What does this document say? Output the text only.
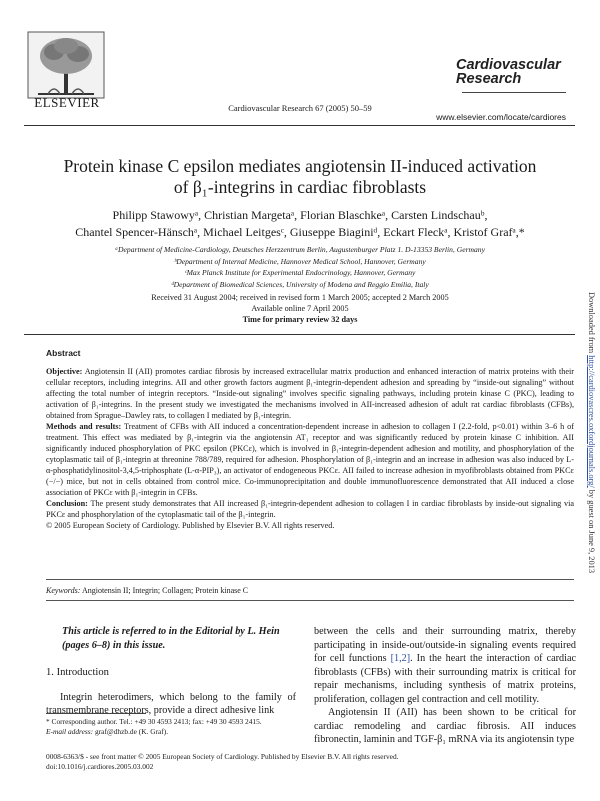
ELSEVIER	Cardiovascular Research 67 (2005) 50–59
Cardiovascular
Research
www.elsevier.com/locate/cardiores
Protein kinase C epsilon mediates angiotensin II-induced activation
of β₁-integrins in cardiac fibroblasts
Philipp Stawowyᵃ, Christian Margetaᵃ, Florian Blaschkeᵃ, Carsten Lindschauᵇ,
Chantel Spencer-Hänschᵃ, Michael Leitgesᶜ, Giuseppe Biaginiᵈ, Eckart Fleckᵃ, Kristof Grafᵃ,*
ᵃDepartment of Medicine-Cardiology, Deutsches Herzzentrum Berlin, Augustenburger Platz 1. D-13353 Berlin, Germany
ᵇDepartment of Internal Medicine, Hannover Medical School, Hannover, Germany
ᶜMax Planck Institute for Experimental Endocrinology, Hannover, Germany
ᵈDepartment of Biomedical Sciences, University of Modena and Reggio Emilia, Italy
Received 31 August 2004; received in revised form 1 March 2005; accepted 2 March 2005
Available online 7 April 2005
Time for primary review 32 days
Abstract

Objective: Angiotensin II (AII) promotes cardiac fibrosis by increased extracellular matrix production and enhanced interaction of matrix proteins with their cellular receptors, including integrins. AII and other growth factors augment β₁-integrin-dependent adhesion and spreading by “inside-out signaling” without affecting the total number of integrin receptors. “Inside-out signaling” involves specific signaling pathways, including protein kinase C (PKC), leading to activation of β₁-integrins. In the present study we investigated the mechanisms involved in AII-increased adhesion of adult rat cardiac fibroblasts (CFBs), obtained from Sprague–Dawley rats, to collagen I mediated by β₁-integrin.

Methods and results: Treatment of CFBs with AII induced a concentration-dependent increase in adhesion to collagen I (2.2-fold, p<0.01) within 3–6 h of treatment. This effect was mediated by β₁-integrin via the angiotensin AT₁ receptor and was significantly reduced by protein kinase C inhibition. AII significantly induced phosphorylation of PKC epsilon (PKCε), which is involved in β₁-integrin-dependent adhesion and motility, and phosphorylation of the cytoplasmatic tail of β₁-integrin at threonine 788/789, required for adhesion. Phosphorylation of β₁-integrin and an increase in adhesion was also induced by L-α-phosphatidylinositol-3,4,5-triphosphate (L-α-PIP₃), an activator of endogeneous PKCε. AII failed to increase adhesion in myofibroblasts obtained from PKCε (−/−) mice, but not in cells obtained from control mice. Co-immunoprecipitation and double immunofluorescence demonstrated that AII induced a close association of PKCε with β₁-integrin in CFBs.

Conclusion: The present study demonstrates that AII increased β₁-integrin-dependent adhesion to collagen I in cardiac fibroblasts by inside-out signaling via PKCε and phosphorylation of the cytoplasmatic tail of the β₁-integrin.

© 2005 European Society of Cardiology. Published by Elsevier B.V. All rights reserved.

Keywords: Angiotensin II; Integrin; Collagen; Protein kinase C

This article is referred to in the Editorial by L. Hein (pages 6–8) in this issue.

1. Introduction

Integrin heterodimers, which belong to the family of transmembrane receptors, provide a direct adhesive link

* Corresponding author. Tel.: +49 30 4593 2413; fax: +49 30 4593 2415.
E-mail address: graf@dhzb.de (K. Graf).

between the cells and their surrounding matrix, thereby participating in inside-out/outside-in signaling events required for cell functions [1,2]. In the heart the interaction of cardiac fibroblasts (CFBs) with their surrounding matrix is critical for repair mechanisms, including synthesis of matrix proteins, proliferation, collagen gel contraction and cell motility.

Angiotensin II (AII) has been shown to be critical for cardiac remodeling and cardiac fibrosis. AII induces fibronectin, laminin and TGF-β₁ mRNA via its angiotensin type

0008-6363/$ - see front matter © 2005 European Society of Cardiology. Published by Elsevier B.V. All rights reserved.
doi:10.1016/j.cardiores.2005.03.002
Downloaded from http://cardiovascres.oxfordjournals.org/ by guest on June 9, 2013
